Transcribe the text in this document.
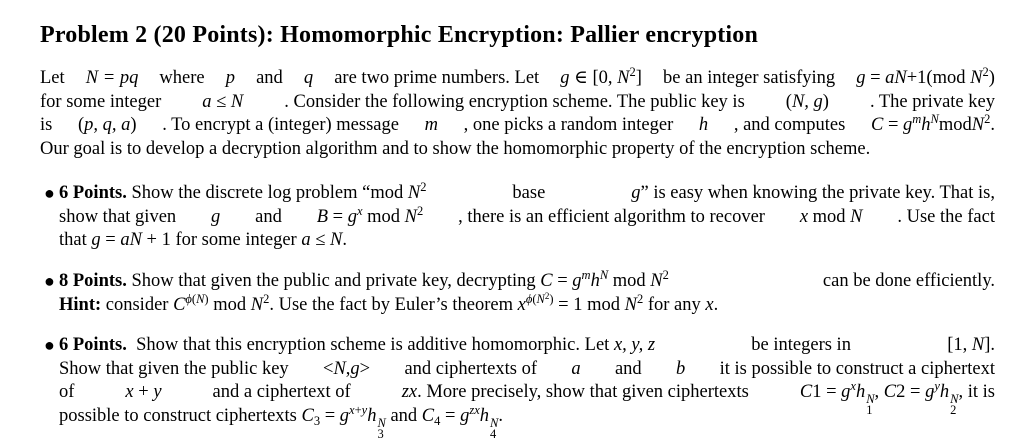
Problem 2 (20 Points): Homomorphic Encryption: Pallier encryption
Let N = pq where p and q are two prime numbers. Let g ∈ [0, $N^2$] be an integer satisfying g = aN+1(mod $N^2$)
for some integer a ≤ N . Consider the following encryption scheme. The public key is (N, g) . The private key
is (p, q, a) . To encrypt a (integer) message m , one picks a random integer h , and computes $C = g^mh^NmodN^2$.
Our goal is to develop a decryption algorithm and to show the homomorphic property of the encryption scheme.
● 6 Points. Show the discrete log problem “mod $N^2$	base	g” is easy when knowing the private key. That is,
show that given g and $B = g^x$ mod $N^2$ , there is an efficient algorithm to recover x mod N . Use the fact
that
g = aN + 1
for some integer
a ≤ N.
● 8 Points. Show that given the public and private key, decrypting $C = g^mh^N$ mod $N^2$	can be done efficiently.
Hint:
consider
$C^{\phi(N)}$ mod $N^2$ . Use the fact by Euler’s theorem
$x^{\phi(N^2)} = 1$ mod $N^2$
for any
x.
● 6 Points. Show that this encryption scheme is additive homomorphic. Let x, y, z	be integers in	[1, N].
Show that given the public key <N,g> and ciphertexts of a and b it is possible to construct a ciphertext
of	x + y	and a ciphertext of	zx. More precisely, show that given ciphertexts	$C1 = g^xh$ N
1
, $C2 = g^yh$ N
2
, it is
possible to construct ciphertexts
$C_3 = g^{x+y}h$ N
3

and
$C_4 = g^{zx}h$ N
4
.
